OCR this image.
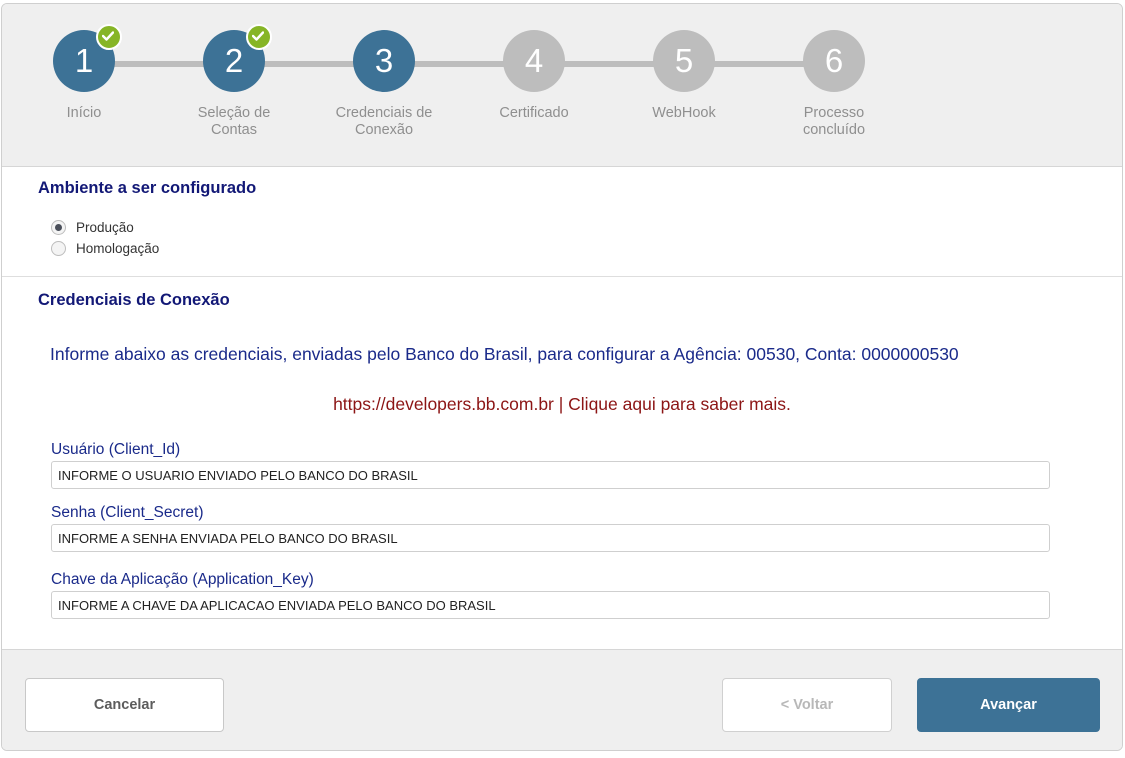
1
Início
2
Seleção de
Contas
3
Credenciais de
Conexão
4
Certificado
5
WebHook
6
Processo
concluído
Ambiente a ser configurado
Produção
Homologação
Credenciais de Conexão
Informe abaixo as credenciais, enviadas pelo Banco do Brasil, para configurar a Agência: 00530, Conta: 0000000530
https://developers.bb.com.br | Clique aqui para saber mais.
Usuário (Client_Id)
INFORME O USUARIO ENVIADO PELO BANCO DO BRASIL
Senha (Client_Secret)
INFORME A SENHA ENVIADA PELO BANCO DO BRASIL
Chave da Aplicação (Application_Key)
INFORME A CHAVE DA APLICACAO ENVIADA PELO BANCO DO BRASIL
Cancelar	< Voltar	Avançar
